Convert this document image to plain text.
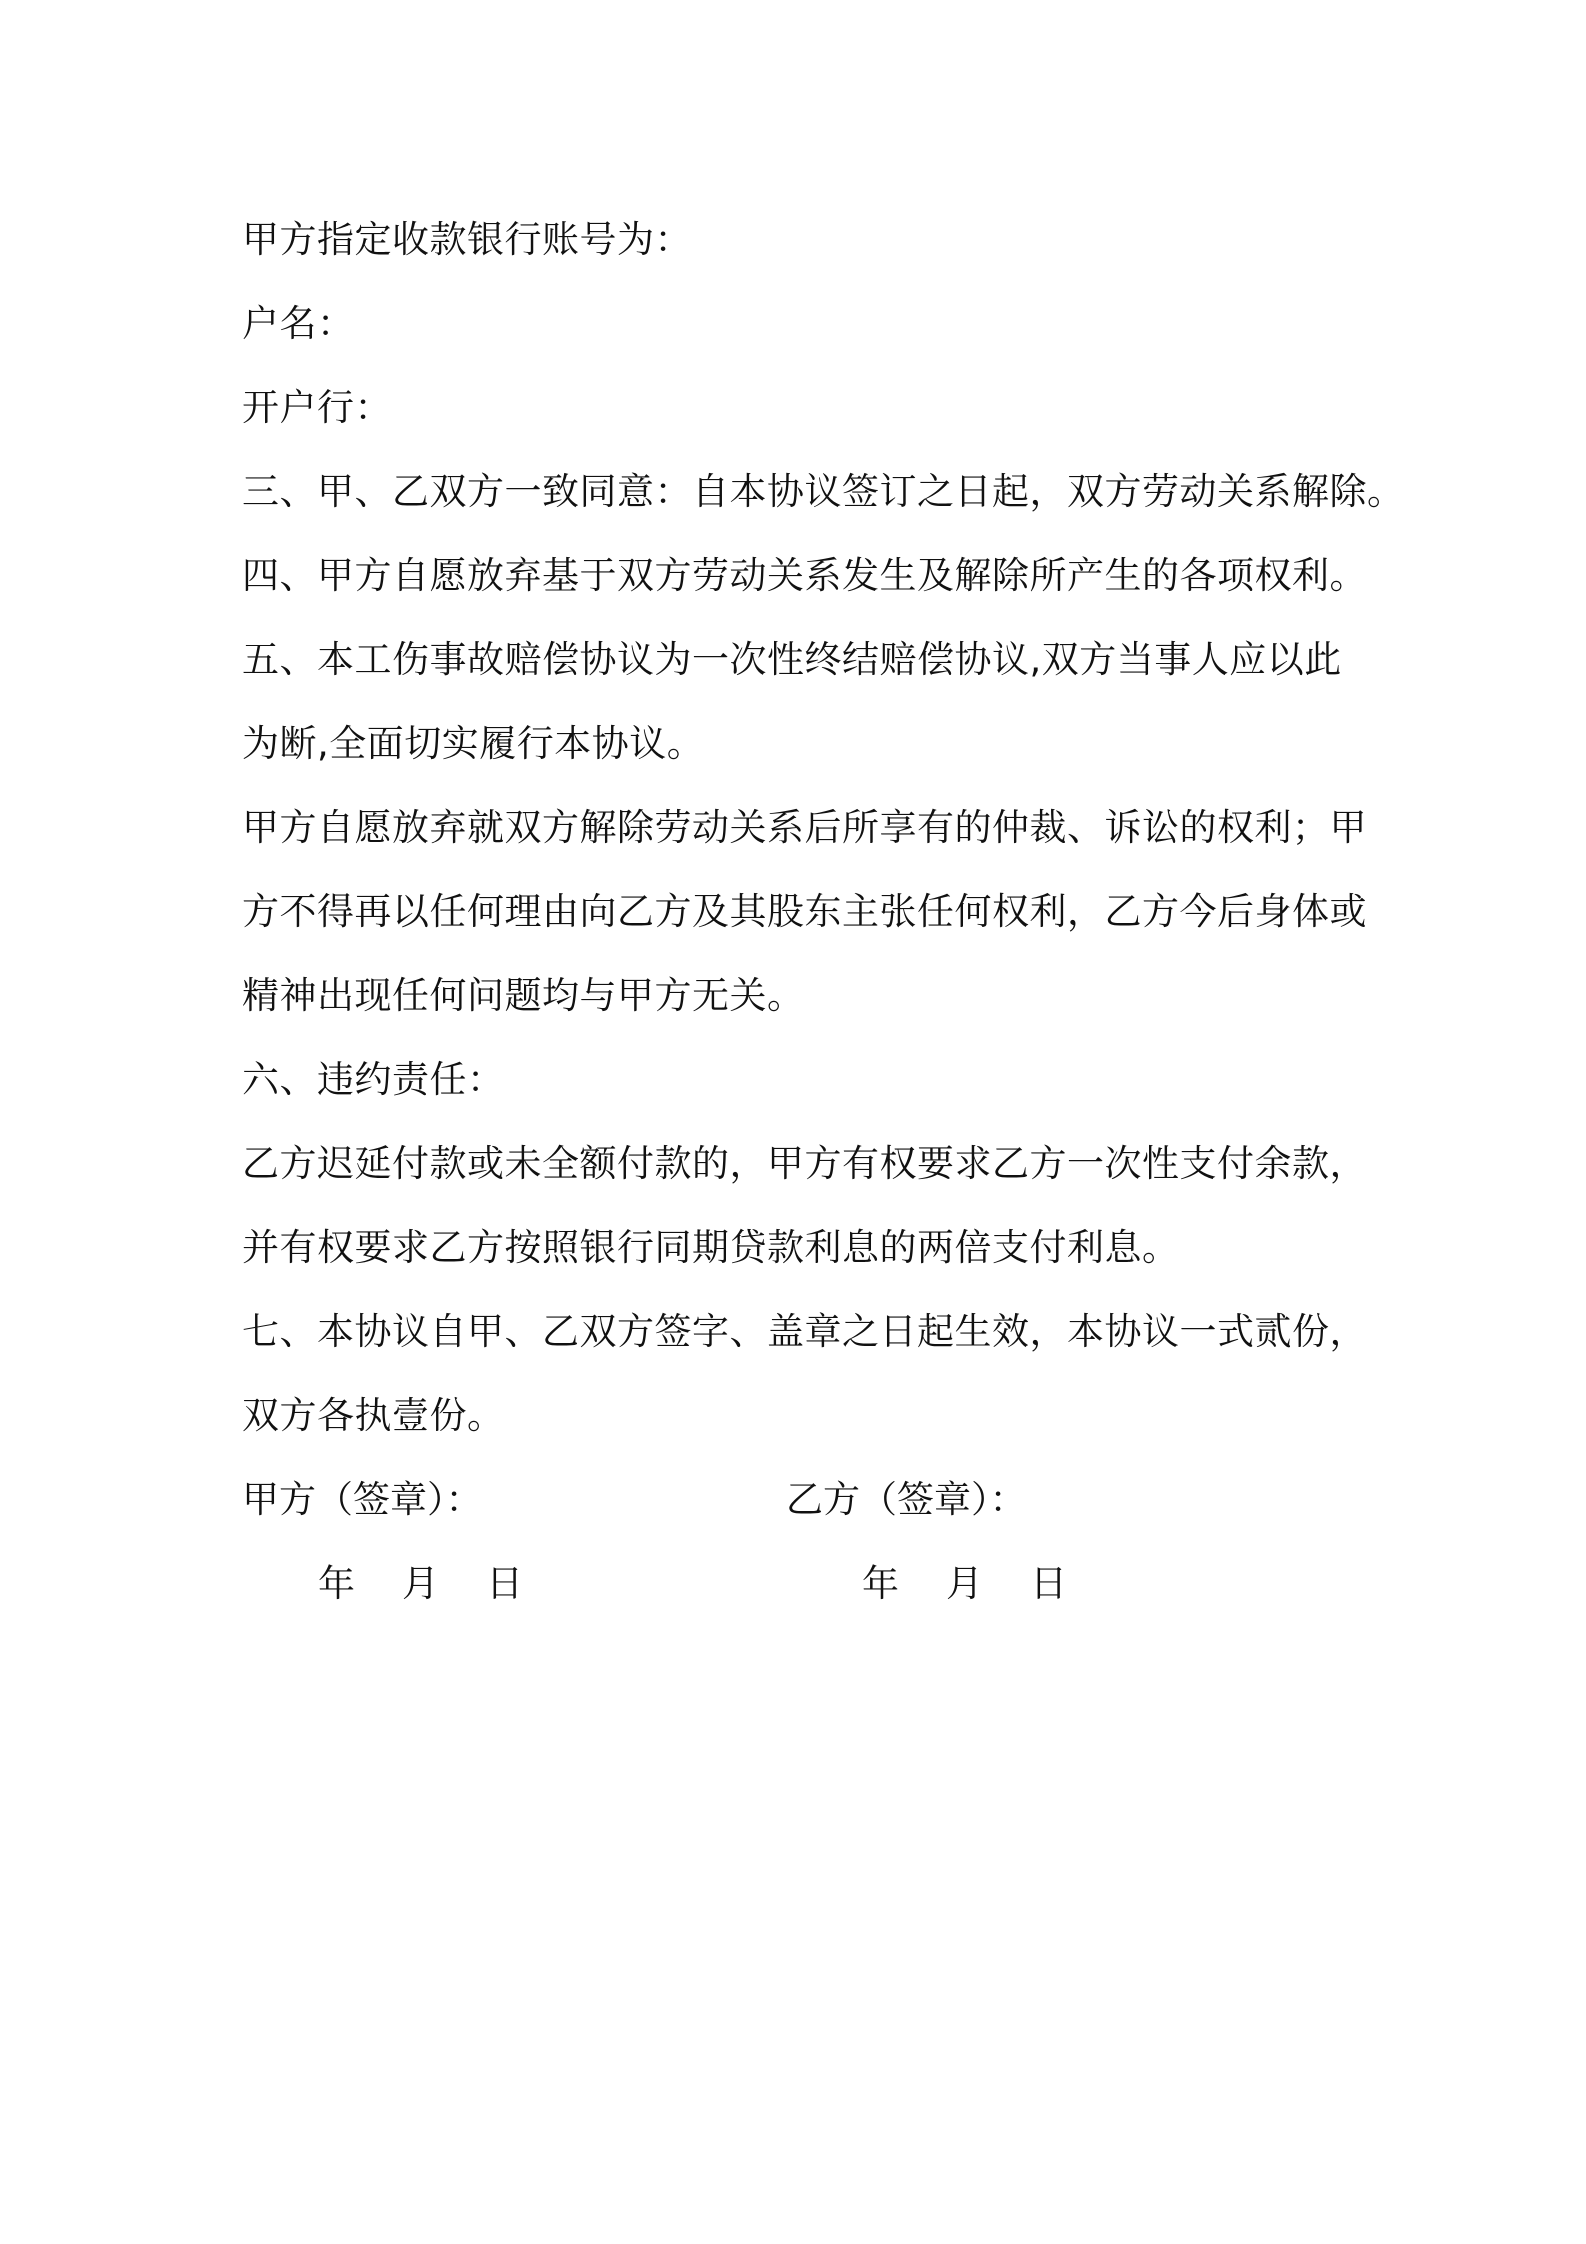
甲方指定收款银行账号为：
户名：
开户行：
三、甲、乙双方一致同意：自本协议签订之日起，双方劳动关系解除。
四、甲方自愿放弃基于双方劳动关系发生及解除所产生的各项权利。
五、本工伤事故赔偿协议为一次性终结赔偿协议,双方当事人应以此
为断,全面切实履行本协议。
甲方自愿放弃就双方解除劳动关系后所享有的仲裁、诉讼的权利；甲
方不得再以任何理由向乙方及其股东主张任何权利，乙方今后身体或
精神出现任何问题均与甲方无关。
六、违约责任：
乙方迟延付款或未全额付款的，甲方有权要求乙方一次性支付余款，
并有权要求乙方按照银行同期贷款利息的两倍支付利息。
七、本协议自甲、乙双方签字、盖章之日起生效，本协议一式贰份，
双方各执壹份。
甲方（签章）：	乙方（签章）：
年    月    日	年    月    日
